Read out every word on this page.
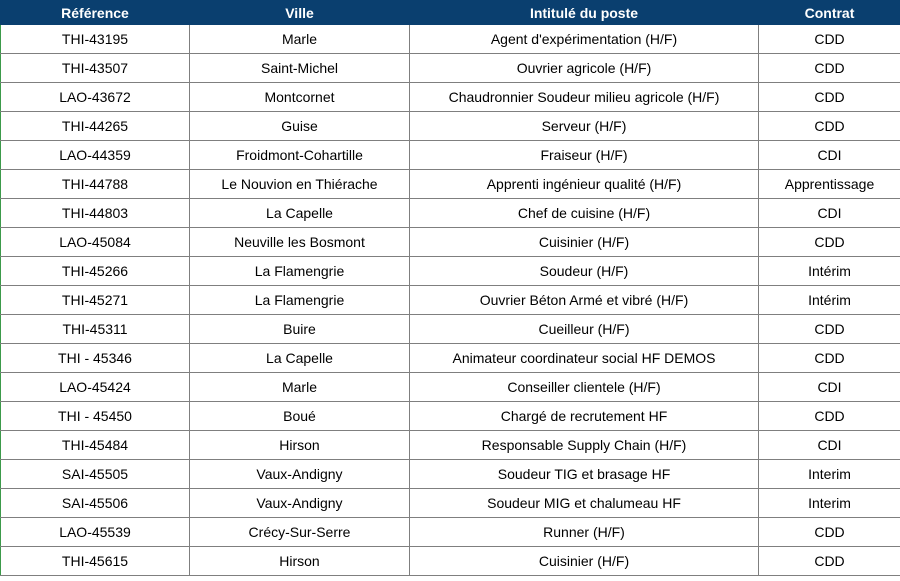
Référence	Ville	Intitulé du poste	Contrat
THI-43195	Marle	Agent d'expérimentation (H/F)	CDD
THI-43507	Saint-Michel	Ouvrier agricole (H/F)	CDD
LAO-43672	Montcornet	Chaudronnier Soudeur milieu agricole (H/F)	CDD
THI-44265	Guise	Serveur (H/F)	CDD
LAO-44359	Froidmont-Cohartille	Fraiseur (H/F)	CDI
THI-44788	Le Nouvion en Thiérache	Apprenti ingénieur qualité (H/F)	Apprentissage
THI-44803	La Capelle	Chef de cuisine (H/F)	CDI
LAO-45084	Neuville les Bosmont	Cuisinier (H/F)	CDD
THI-45266	La Flamengrie	Soudeur (H/F)	Intérim
THI-45271	La Flamengrie	Ouvrier Béton Armé et vibré (H/F)	Intérim
THI-45311	Buire	Cueilleur (H/F)	CDD
THI - 45346	La Capelle	Animateur coordinateur social HF DEMOS	CDD
LAO-45424	Marle	Conseiller clientele (H/F)	CDI
THI - 45450	Boué	Chargé de recrutement HF	CDD
THI-45484	Hirson	Responsable Supply Chain (H/F)	CDI
SAI-45505	Vaux-Andigny	Soudeur TIG et brasage HF	Interim
SAI-45506	Vaux-Andigny	Soudeur MIG et chalumeau HF	Interim
LAO-45539	Crécy-Sur-Serre	Runner (H/F)	CDD
THI-45615	Hirson	Cuisinier (H/F)	CDD
